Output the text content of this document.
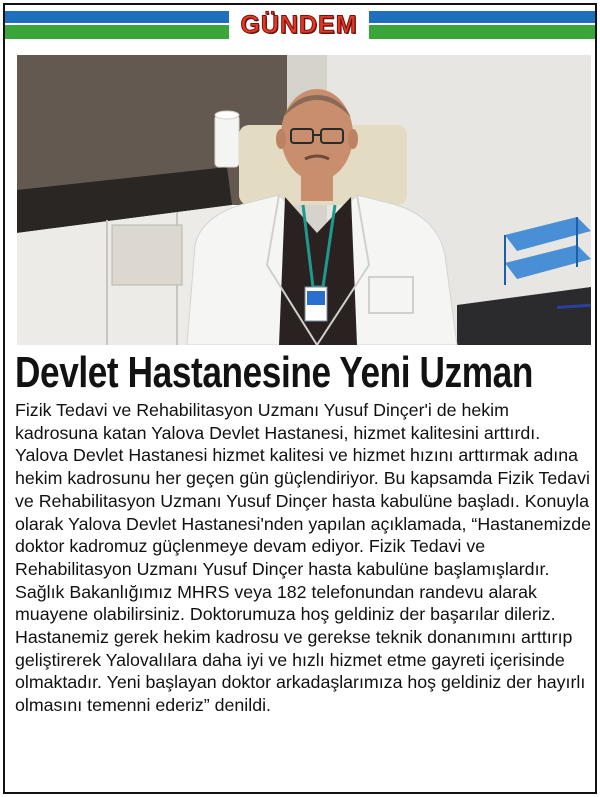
GÜNDEM
Devlet Hastanesine Yeni Uzman

Fizik Tedavi ve Rehabilitasyon Uzmanı Yusuf Dinçer'i de hekim kadrosuna katan Yalova Devlet Hastanesi, hizmet kalitesini arttırdı.

Yalova Devlet Hastanesi hizmet kalitesi ve hizmet hızını arttırmak adına hekim kadrosunu her geçen gün güçlendiriyor. Bu kapsamda Fizik Tedavi ve Rehabilitasyon Uzmanı Yusuf Dinçer hasta kabulüne başladı. Konuyla olarak Yalova Devlet Hastanesi'nden yapılan açıklamada, “Hastanemizde doktor kadromuz güçlenmeye devam ediyor. Fizik Tedavi ve Rehabilitasyon Uzmanı Yusuf Dinçer hasta kabulüne başlamışlardır. Sağlık Bakanlığımız MHRS veya 182 telefonundan randevu alarak muayene olabilirsiniz. Doktorumuza hoş geldiniz der başarılar dileriz. Hastanemiz gerek hekim kadrosu ve gerekse teknik donanımını arttırıp geliştirerek Yalovalılara daha iyi ve hızlı hizmet etme gayreti içerisinde olmaktadır. Yeni başlayan doktor arkadaşlarımıza hoş geldiniz der hayırlı olmasını temenni ederiz” denildi.
